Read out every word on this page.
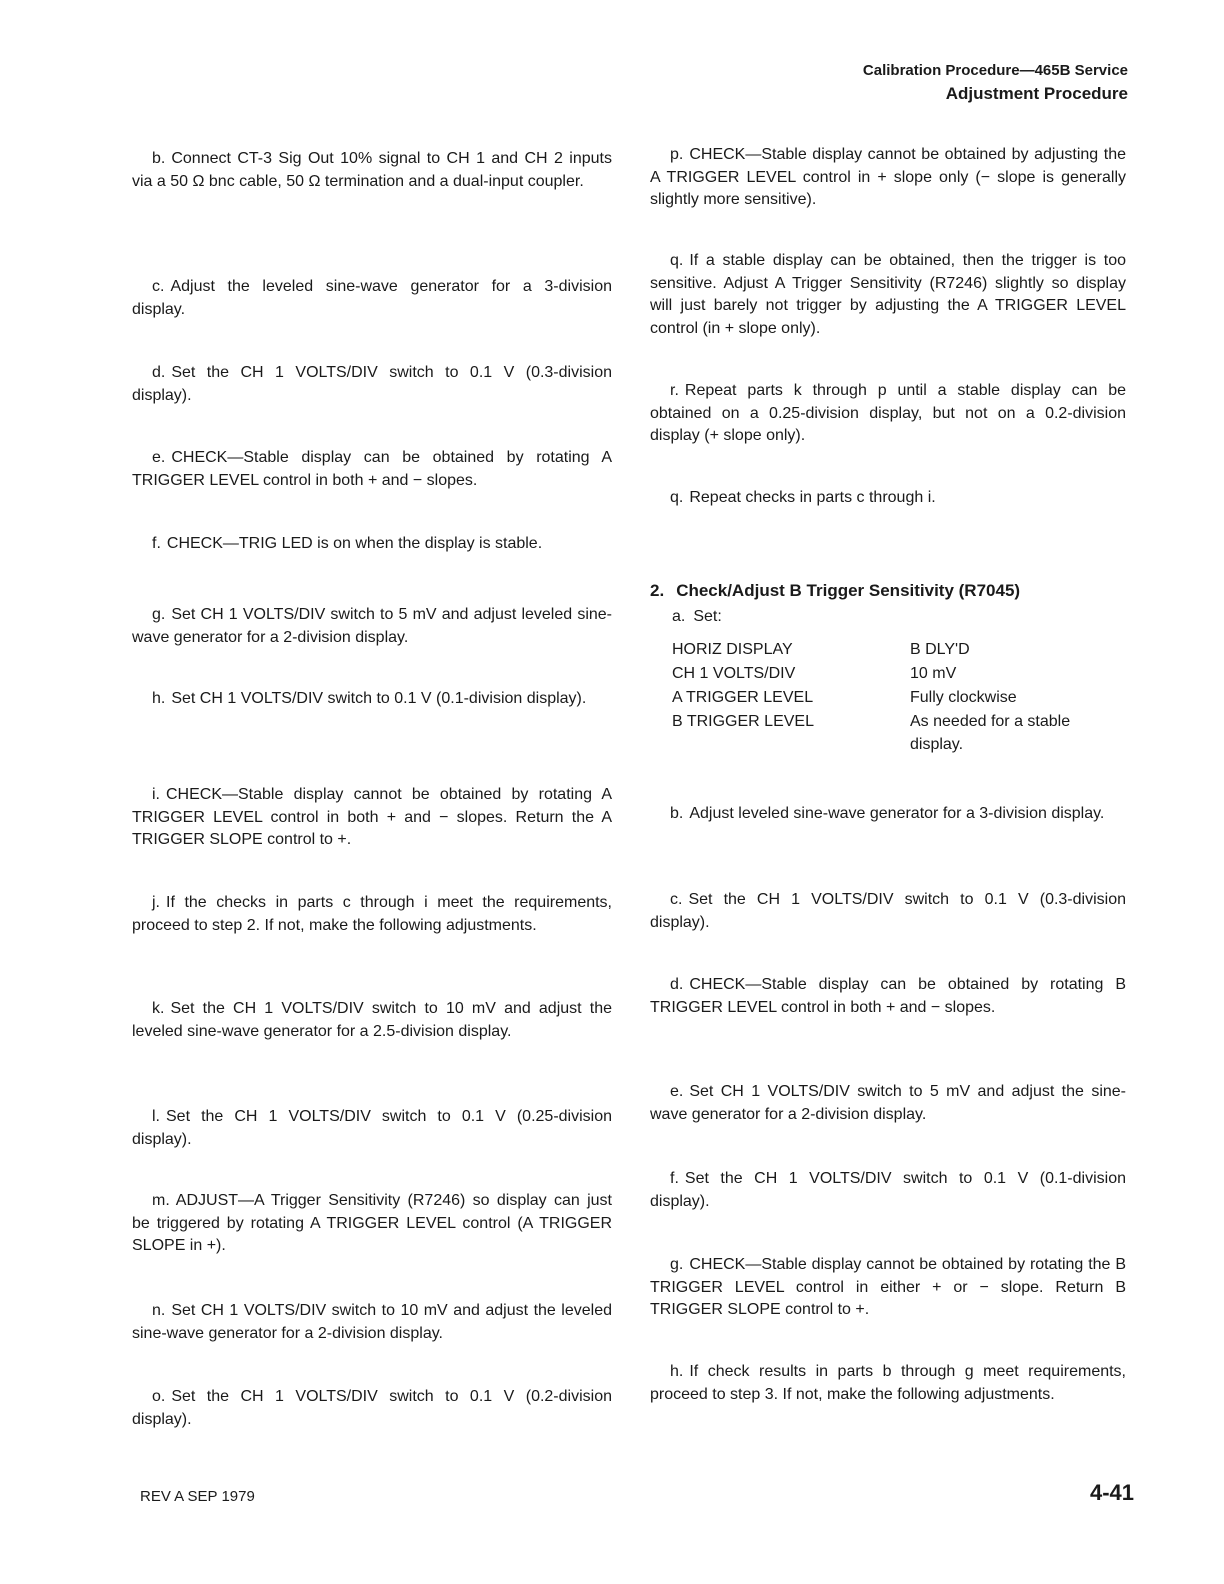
Calibration Procedure—465B Service
Adjustment Procedure
b. Connect CT-3 Sig Out 10% signal to CH 1 and CH 2 inputs via a 50 Ω bnc cable, 50 Ω termination and a dual-input coupler.
c. Adjust the leveled sine-wave generator for a 3-division display.
d. Set the CH 1 VOLTS/DIV switch to 0.1 V (0.3-division display).
e. CHECK—Stable display can be obtained by rotating A TRIGGER LEVEL control in both + and − slopes.
f. CHECK—TRIG LED is on when the display is stable.
g. Set CH 1 VOLTS/DIV switch to 5 mV and adjust leveled sine-wave generator for a 2-division display.
h. Set CH 1 VOLTS/DIV switch to 0.1 V (0.1-division display).
i. CHECK—Stable display cannot be obtained by rotating A TRIGGER LEVEL control in both + and − slopes. Return the A TRIGGER SLOPE control to +.
j. If the checks in parts c through i meet the requirements, proceed to step 2. If not, make the following adjustments.
k. Set the CH 1 VOLTS/DIV switch to 10 mV and adjust the leveled sine-wave generator for a 2.5-division display.
l. Set the CH 1 VOLTS/DIV switch to 0.1 V (0.25-division display).
m. ADJUST—A Trigger Sensitivity (R7246) so display can just be triggered by rotating A TRIGGER LEVEL control (A TRIGGER SLOPE in +).
n. Set CH 1 VOLTS/DIV switch to 10 mV and adjust the leveled sine-wave generator for a 2-division display.
o. Set the CH 1 VOLTS/DIV switch to 0.1 V (0.2-division display).
p. CHECK—Stable display cannot be obtained by adjusting the A TRIGGER LEVEL control in + slope only (− slope is generally slightly more sensitive).
q. If a stable display can be obtained, then the trigger is too sensitive. Adjust A Trigger Sensitivity (R7246) slightly so display will just barely not trigger by adjusting the A TRIGGER LEVEL control (in + slope only).
r. Repeat parts k through p until a stable display can be obtained on a 0.25-division display, but not on a 0.2-division display (+ slope only).
q. Repeat checks in parts c through i.
2. Check/Adjust B Trigger Sensitivity (R7045)
a. Set:
HORIZ DISPLAY	B DLY'D
CH 1 VOLTS/DIV	10 mV
A TRIGGER LEVEL	Fully clockwise
B TRIGGER LEVEL	As needed for a stable display.
b. Adjust leveled sine-wave generator for a 3-division display.
c. Set the CH 1 VOLTS/DIV switch to 0.1 V (0.3-division display).
d. CHECK—Stable display can be obtained by rotating B TRIGGER LEVEL control in both + and − slopes.
e. Set CH 1 VOLTS/DIV switch to 5 mV and adjust the sine-wave generator for a 2-division display.
f. Set the CH 1 VOLTS/DIV switch to 0.1 V (0.1-division display).
g. CHECK—Stable display cannot be obtained by rotating the B TRIGGER LEVEL control in either + or − slope. Return B TRIGGER SLOPE control to +.
h. If check results in parts b through g meet requirements, proceed to step 3. If not, make the following adjustments.
REV A SEP 1979	4-41
